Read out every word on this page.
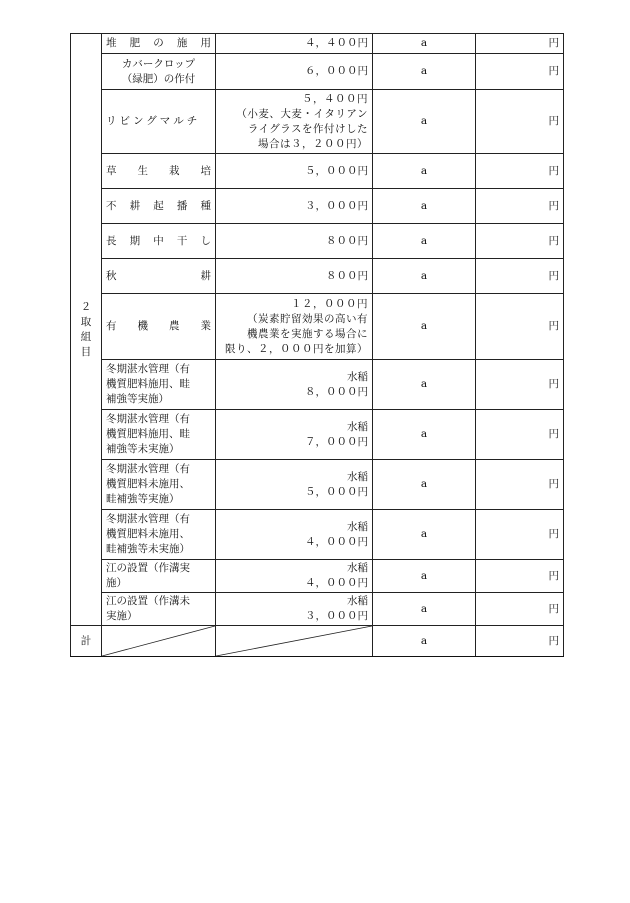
２
取
組
目	堆　肥　の　施　用	４，４００円	a	円
	カバークロップ
（緑肥）の作付	６，０００円	a	円
	リビングマルチ	５，４００円
（小麦、大麦・イタリアン
ライグラスを作付けした
場合は３，２００円）	a	円
	草　　生　　栽　　培	５，０００円	a	円
	不　耕　起　播　種	３，０００円	a	円
	長　期　中　干　し	８００円	a	円
	秋　　　　　　　耕	８００円	a	円
	有　　機　　農　　業	１２，０００円
（炭素貯留効果の高い有
機農業を実施する場合に
限り、２，０００円を加算）	a	円
	冬期湛水管理（有
機質肥料施用、畦
補強等実施）	水稲
８，０００円	a	円
	冬期湛水管理（有
機質肥料施用、畦
補強等未実施）	水稲
７，０００円	a	円
	冬期湛水管理（有
機質肥料未施用、
畦補強等実施）	水稲
５，０００円	a	円
	冬期湛水管理（有
機質肥料未施用、
畦補強等未実施）	水稲
４，０００円	a	円
	江の設置（作溝実
施）	水稲
４，０００円	a	円
	江の設置（作溝未
実施）	水稲
３，０００円	a	円
計			a	円
